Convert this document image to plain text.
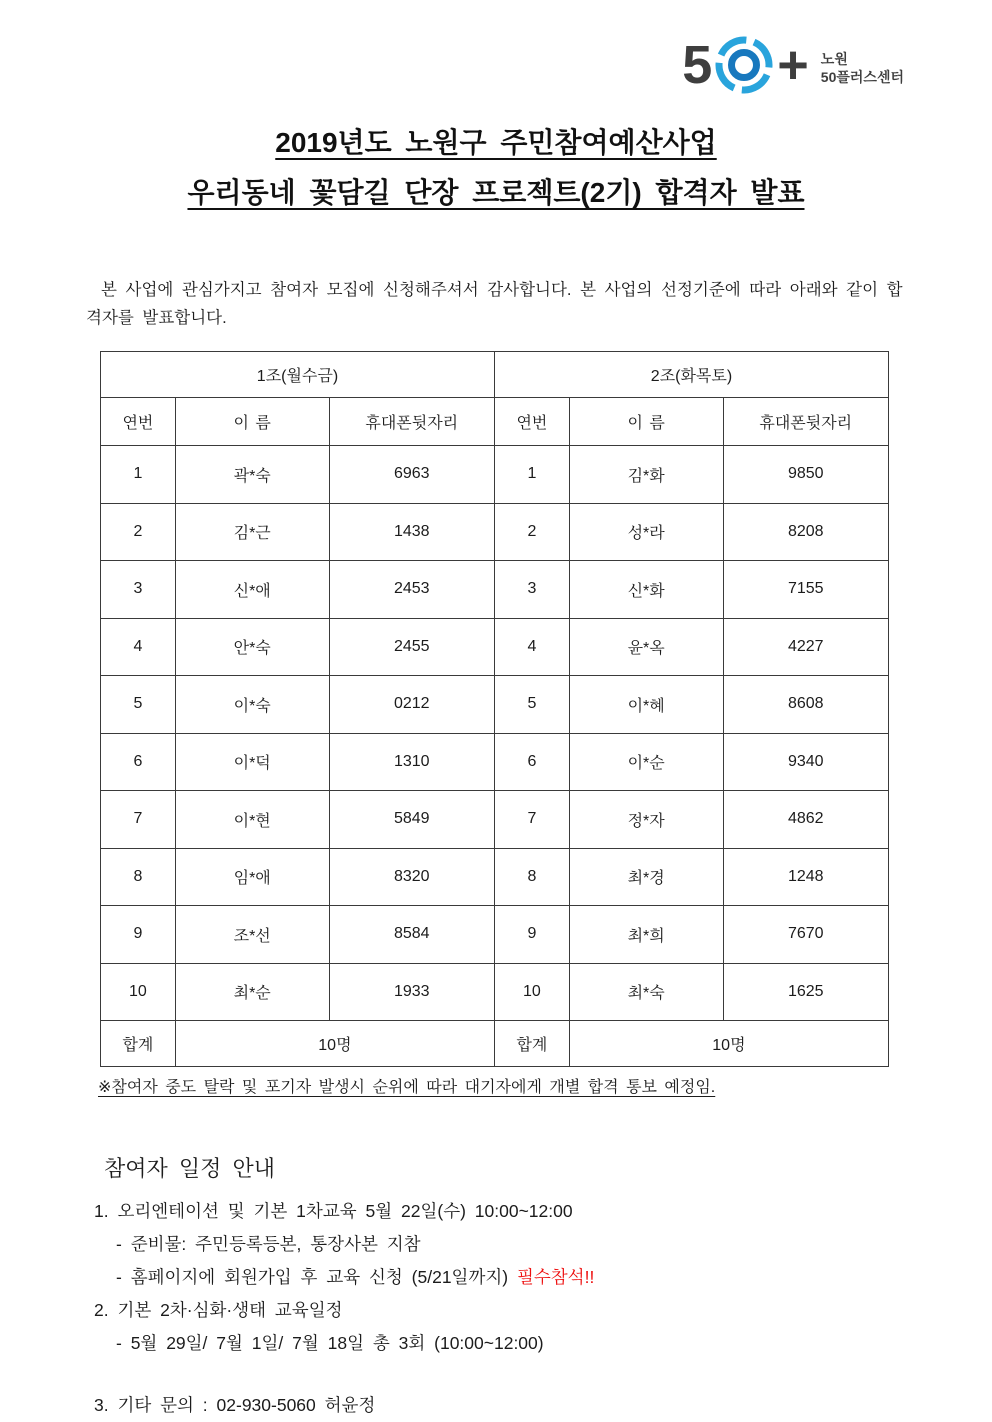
5 + 노원
50플러스센터
2019년도 노원구 주민참여예산사업
우리동네 꽃담길 단장 프로젝트(2기) 합격자 발표

본 사업에 관심가지고 참여자 모집에 신청해주셔서 감사합니다. 본 사업의 선정기준에 따라 아래와 같이 합격자를 발표합니다.

1조(월수금)			2조(화목토)		
연번	이 름	휴대폰뒷자리	연번	이 름	휴대폰뒷자리
1	곽*숙	6963	1	김*화	9850
2	김*근	1438	2	성*라	8208
3	신*애	2453	3	신*화	7155
4	안*숙	2455	4	윤*옥	4227
5	이*숙	0212	5	이*혜	8608
6	이*덕	1310	6	이*순	9340
7	이*현	5849	7	정*자	4862
8	임*애	8320	8	최*경	1248
9	조*선	8584	9	최*희	7670
10	최*순	1933	10	최*숙	1625
합계	10명		합계	10명	

※참여자 중도 탈락 및 포기자 발생시 순위에 따라 대기자에게 개별 합격 통보 예정임.

참여자 일정 안내
1. 오리엔테이션 및 기본 1차교육 5월 22일(수) 10:00~12:00
- 준비물: 주민등록등본, 통장사본 지참
- 홈페이지에 회원가입 후 교육 신청 (5/21일까지) 필수참석!!
2. 기본 2차·심화·생태 교육일정
- 5월 29일/ 7월 1일/ 7월 18일 총 3회 (10:00~12:00)
3. 기타 문의 : 02-930-5060 허윤정
